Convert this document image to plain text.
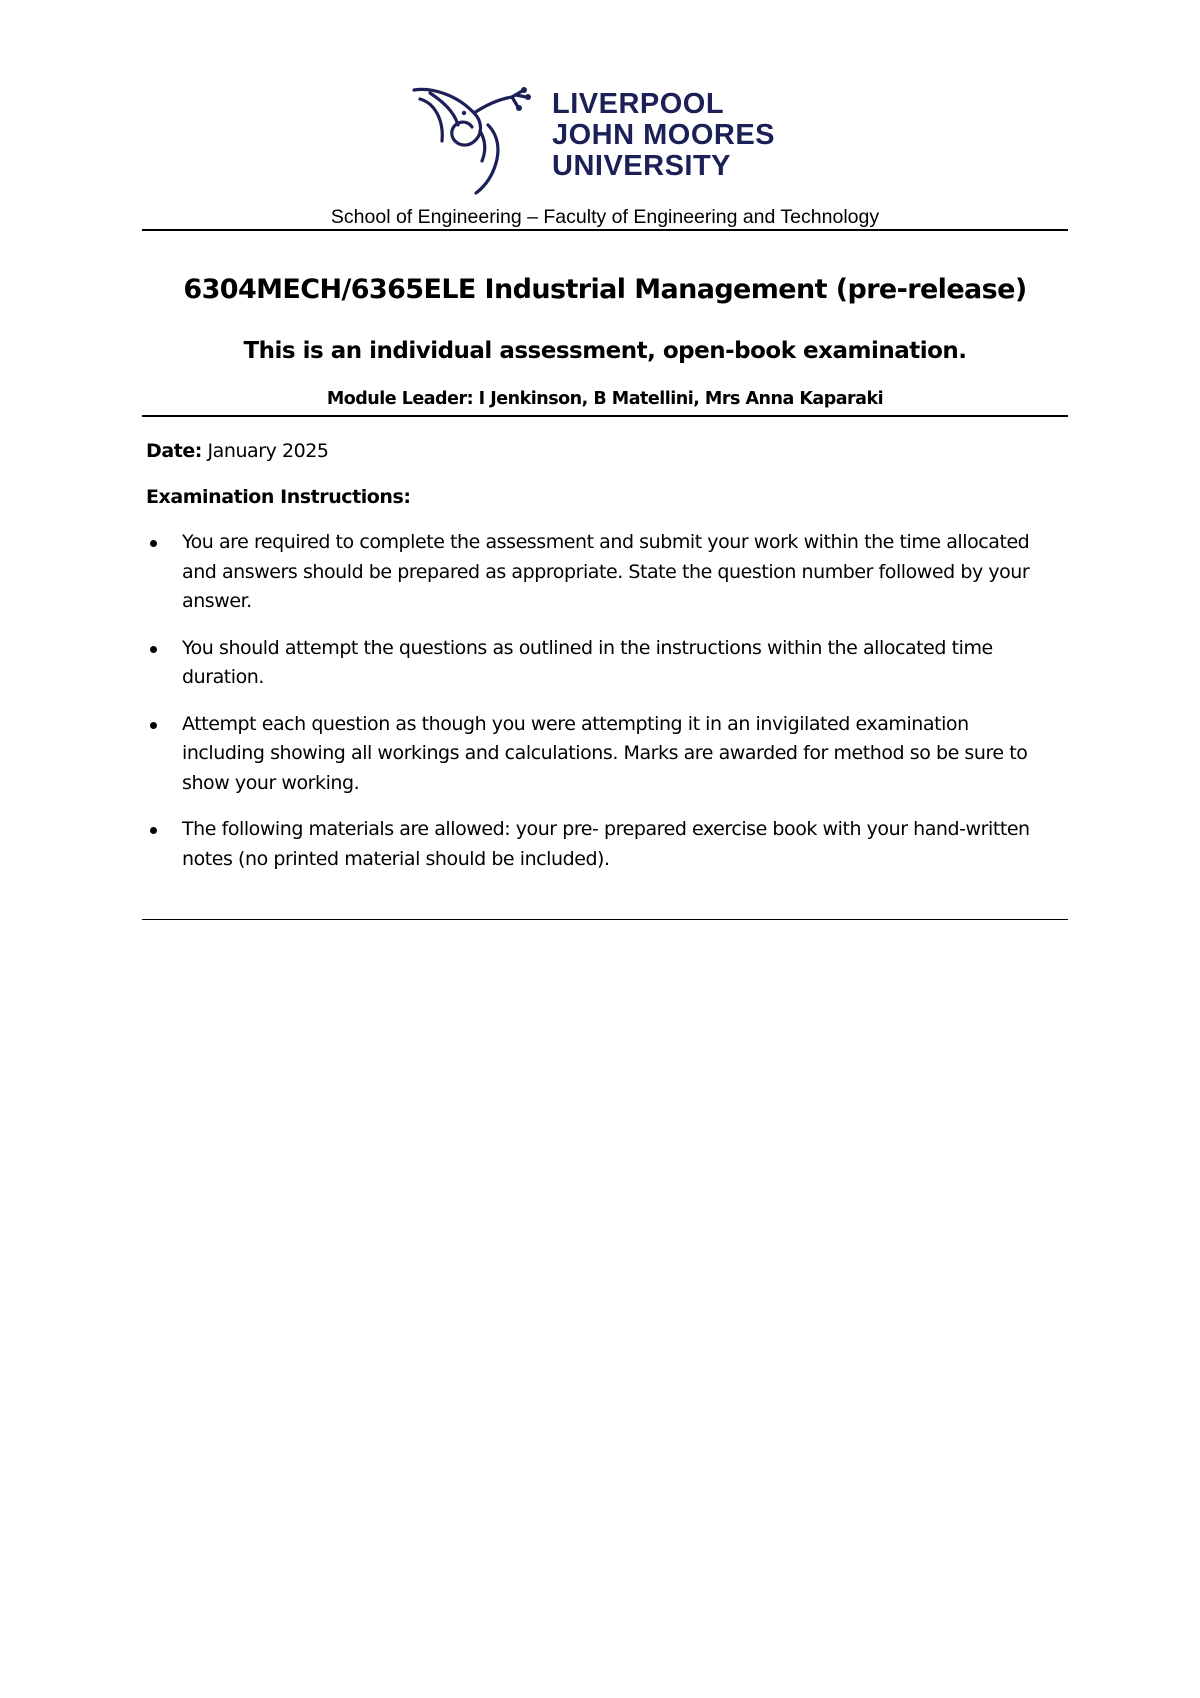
LIVERPOOL
JOHN MOORES
UNIVERSITY
School of Engineering – Faculty of Engineering and Technology
6304MECH/6365ELE Industrial Management (pre-release)
This is an individual assessment, open-book examination.
Module Leader: I Jenkinson, B Matellini, Mrs Anna Kaparaki
Date: January 2025
Examination Instructions:
You are required to complete the assessment and submit your work within the time allocated and answers should be prepared as appropriate. State the question number followed by your answer.
You should attempt the questions as outlined in the instructions within the allocated time duration.
Attempt each question as though you were attempting it in an invigilated examination including showing all workings and calculations. Marks are awarded for method so be sure to show your working.
The following materials are allowed: your pre- prepared exercise book with your hand-written notes (no printed material should be included).
